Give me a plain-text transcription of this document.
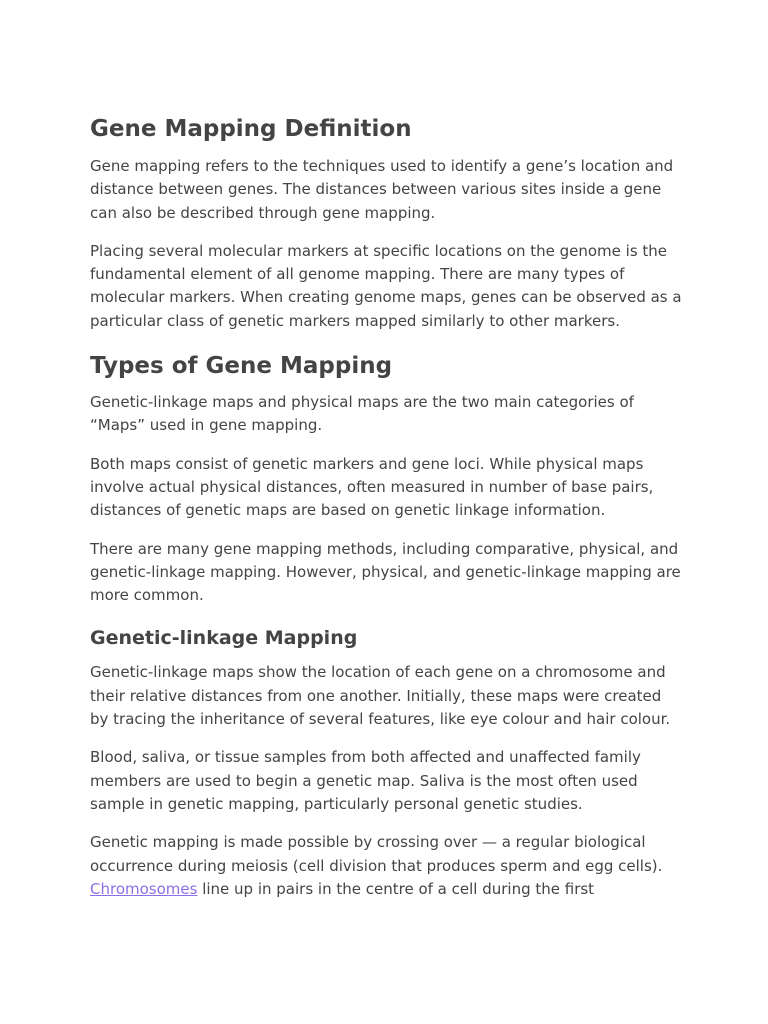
Gene Mapping Definition

Gene mapping refers to the techniques used to identify a gene’s location and distance between genes. The distances between various sites inside a gene can also be described through gene mapping.

Placing several molecular markers at specific locations on the genome is the fundamental element of all genome mapping. There are many types of molecular markers. When creating genome maps, genes can be observed as a particular class of genetic markers mapped similarly to other markers.

Types of Gene Mapping

Genetic-linkage maps and physical maps are the two main categories of “Maps” used in gene mapping.

Both maps consist of genetic markers and gene loci. While physical maps involve actual physical distances, often measured in number of base pairs, distances of genetic maps are based on genetic linkage information.

There are many gene mapping methods, including comparative, physical, and genetic-linkage mapping. However, physical, and genetic-linkage mapping are more common.

Genetic-linkage Mapping

Genetic-linkage maps show the location of each gene on a chromosome and their relative distances from one another. Initially, these maps were created by tracing the inheritance of several features, like eye colour and hair colour.

Blood, saliva, or tissue samples from both affected and unaffected family members are used to begin a genetic map. Saliva is the most often used sample in genetic mapping, particularly personal genetic studies.

Genetic mapping is made possible by crossing over — a regular biological occurrence during meiosis (cell division that produces sperm and egg cells). Chromosomes line up in pairs in the centre of a cell during the first
